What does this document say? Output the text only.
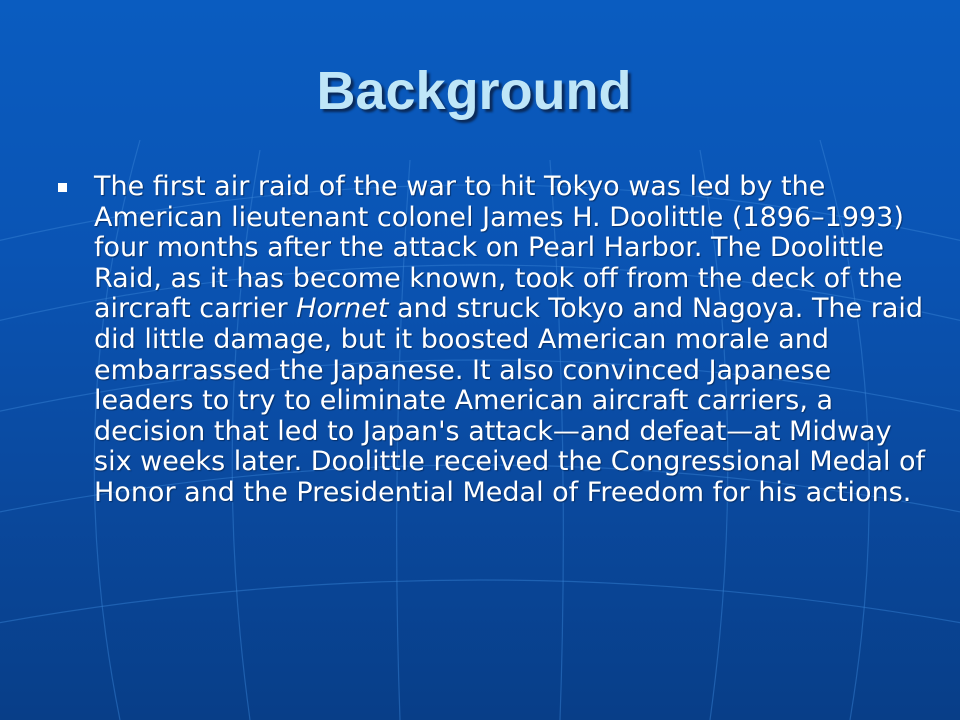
Background
The first air raid of the war to hit Tokyo was led by the American lieutenant colonel James H. Doolittle (1896–1993) four months after the attack on Pearl Harbor. The Doolittle Raid, as it has become known, took off from the deck of the aircraft carrier Hornet and struck Tokyo and Nagoya. The raid did little damage, but it boosted American morale and embarrassed the Japanese. It also convinced Japanese leaders to try to eliminate American aircraft carriers, a decision that led to Japan's attack—and defeat—at Midway six weeks later. Doolittle received the Congressional Medal of Honor and the Presidential Medal of Freedom for his actions.
